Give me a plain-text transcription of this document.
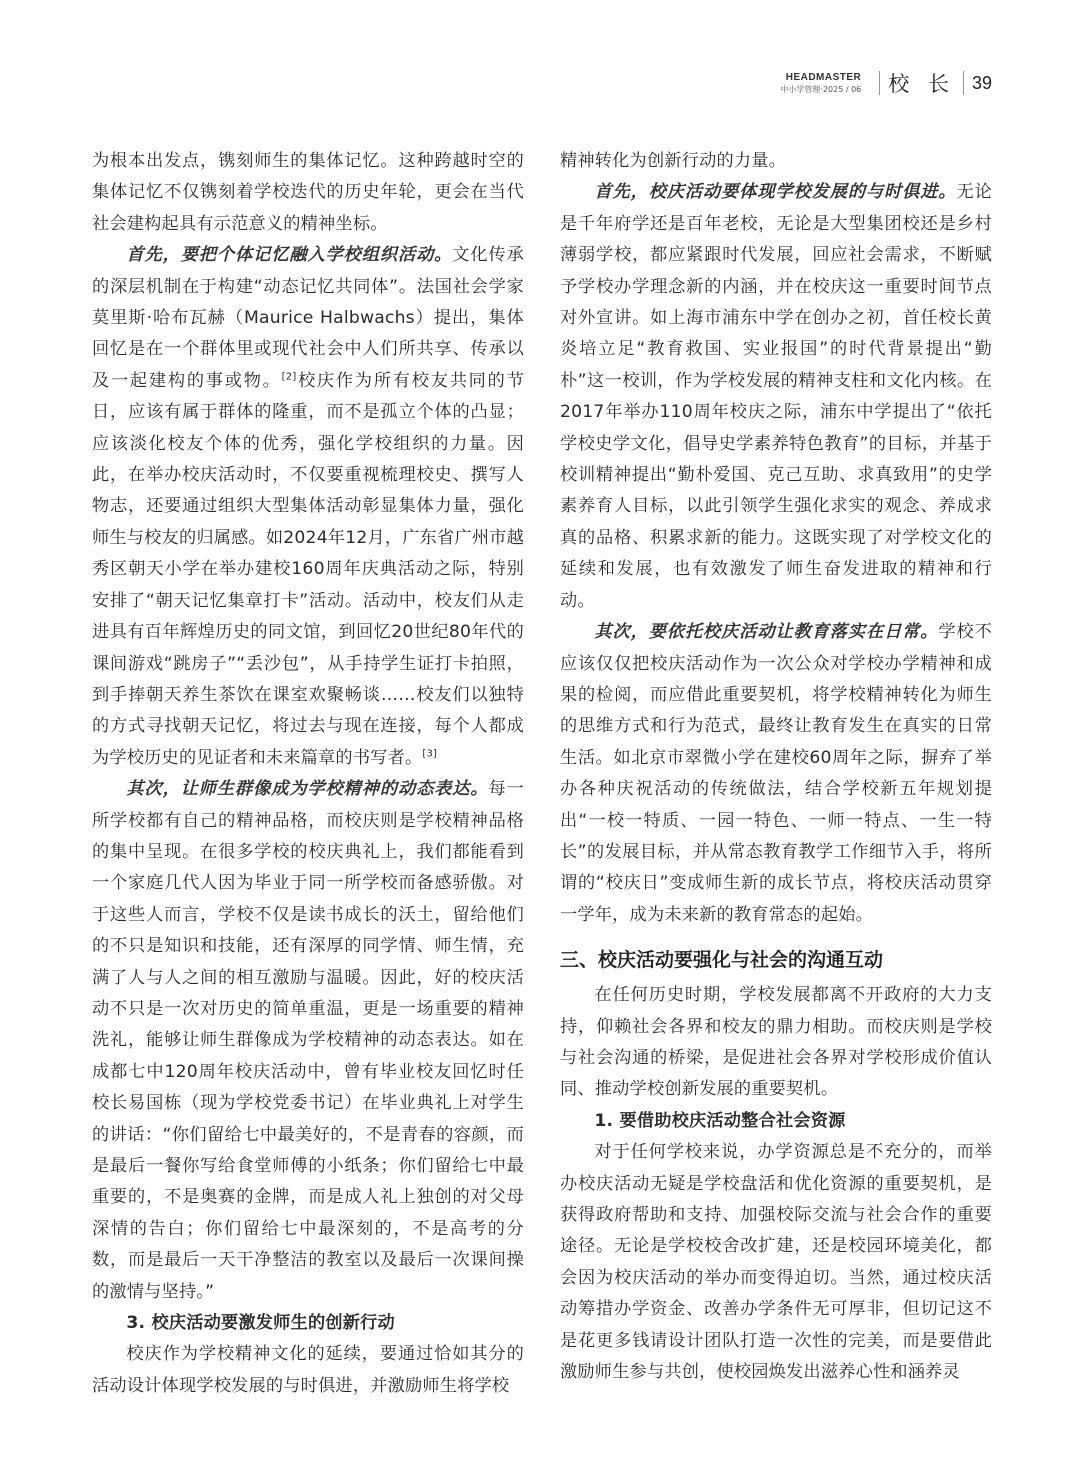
HEADMASTER
中小学管理·2025 / 06 校 长 39

为根本出发点，镌刻师生的集体记忆。这种跨越时空的集体记忆不仅镌刻着学校迭代的历史年轮，更会在当代社会建构起具有示范意义的精神坐标。

首先，要把个体记忆融入学校组织活动。文化传承的深层机制在于构建“动态记忆共同体”。法国社会学家莫里斯·哈布瓦赫（Maurice Halbwachs）提出，集体回忆是在一个群体里或现代社会中人们所共享、传承以及一起建构的事或物。[2]校庆作为所有校友共同的节日，应该有属于群体的隆重，而不是孤立个体的凸显；应该淡化校友个体的优秀，强化学校组织的力量。因此，在举办校庆活动时，不仅要重视梳理校史、撰写人物志，还要通过组织大型集体活动彰显集体力量，强化师生与校友的归属感。如2024年12月，广东省广州市越秀区朝天小学在举办建校160周年庆典活动之际，特别安排了“朝天记忆集章打卡”活动。活动中，校友们从走进具有百年辉煌历史的同文馆，到回忆20世纪80年代的课间游戏“跳房子”“丢沙包”，从手持学生证打卡拍照，到手捧朝天养生茶饮在课室欢聚畅谈……校友们以独特的方式寻找朝天记忆，将过去与现在连接，每个人都成为学校历史的见证者和未来篇章的书写者。[3]

其次，让师生群像成为学校精神的动态表达。每一所学校都有自己的精神品格，而校庆则是学校精神品格的集中呈现。在很多学校的校庆典礼上，我们都能看到一个家庭几代人因为毕业于同一所学校而备感骄傲。对于这些人而言，学校不仅是读书成长的沃土，留给他们的不只是知识和技能，还有深厚的同学情、师生情，充满了人与人之间的相互激励与温暖。因此，好的校庆活动不只是一次对历史的简单重温，更是一场重要的精神洗礼，能够让师生群像成为学校精神的动态表达。如在成都七中120周年校庆活动中，曾有毕业校友回忆时任校长易国栋（现为学校党委书记）在毕业典礼上对学生的讲话：“你们留给七中最美好的，不是青春的容颜，而是最后一餐你写给食堂师傅的小纸条；你们留给七中最重要的，不是奥赛的金牌，而是成人礼上独创的对父母深情的告白；你们留给七中最深刻的，不是高考的分数，而是最后一天干净整洁的教室以及最后一次课间操的激情与坚持。”

3. 校庆活动要激发师生的创新行动

校庆作为学校精神文化的延续，要通过恰如其分的活动设计体现学校发展的与时俱进，并激励师生将学校

精神转化为创新行动的力量。

首先，校庆活动要体现学校发展的与时俱进。无论是千年府学还是百年老校，无论是大型集团校还是乡村薄弱学校，都应紧跟时代发展，回应社会需求，不断赋予学校办学理念新的内涵，并在校庆这一重要时间节点对外宣讲。如上海市浦东中学在创办之初，首任校长黄炎培立足“教育救国、实业报国”的时代背景提出“勤朴”这一校训，作为学校发展的精神支柱和文化内核。在2017年举办110周年校庆之际，浦东中学提出了“依托学校史学文化，倡导史学素养特色教育”的目标，并基于校训精神提出“勤朴爱国、克己互助、求真致用”的史学素养育人目标，以此引领学生强化求实的观念、养成求真的品格、积累求新的能力。这既实现了对学校文化的延续和发展，也有效激发了师生奋发进取的精神和行动。

其次，要依托校庆活动让教育落实在日常。学校不应该仅仅把校庆活动作为一次公众对学校办学精神和成果的检阅，而应借此重要契机，将学校精神转化为师生的思维方式和行为范式，最终让教育发生在真实的日常生活。如北京市翠微小学在建校60周年之际，摒弃了举办各种庆祝活动的传统做法，结合学校新五年规划提出“一校一特质、一园一特色、一师一特点、一生一特长”的发展目标，并从常态教育教学工作细节入手，将所谓的“校庆日”变成师生新的成长节点，将校庆活动贯穿一学年，成为未来新的教育常态的起始。

三、校庆活动要强化与社会的沟通互动

在任何历史时期，学校发展都离不开政府的大力支持，仰赖社会各界和校友的鼎力相助。而校庆则是学校与社会沟通的桥梁，是促进社会各界对学校形成价值认同、推动学校创新发展的重要契机。

1. 要借助校庆活动整合社会资源

对于任何学校来说，办学资源总是不充分的，而举办校庆活动无疑是学校盘活和优化资源的重要契机，是获得政府帮助和支持、加强校际交流与社会合作的重要途径。无论是学校校舍改扩建，还是校园环境美化，都会因为校庆活动的举办而变得迫切。当然，通过校庆活动筹措办学资金、改善办学条件无可厚非，但切记这不是花更多钱请设计团队打造一次性的完美，而是要借此激励师生参与共创，使校园焕发出滋养心性和涵养灵
